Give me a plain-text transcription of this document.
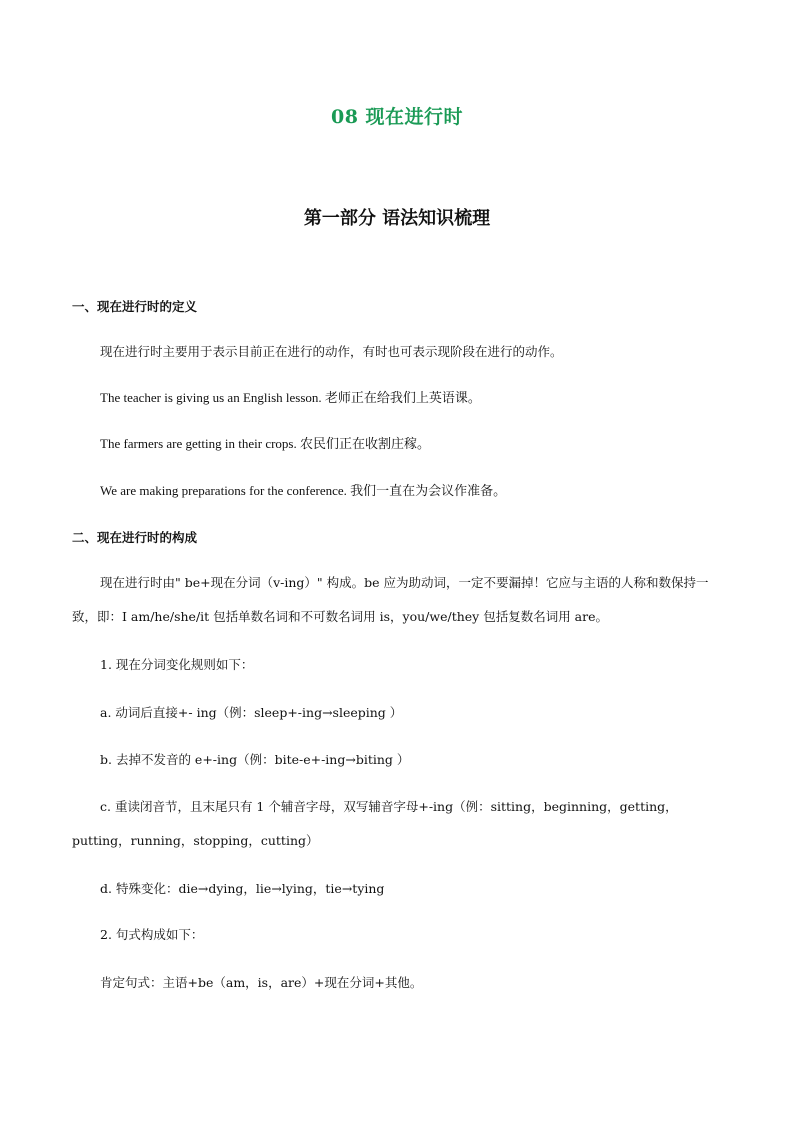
08 现在进行时
第一部分 语法知识梳理
一、现在进行时的定义
现在进行时主要用于表示目前正在进行的动作，有时也可表示现阶段在进行的动作。
The teacher is giving us an English lesson. 老师正在给我们上英语课。
The farmers are getting in their crops. 农民们正在收割庄稼。
We are making preparations for the conference. 我们一直在为会议作准备。
二、现在进行时的构成
现在进行时由" be+现在分词（v-ing）" 构成。be 应为助动词，一定不要漏掉！它应与主语的人称和数保持一致，即：I am/he/she/it 包括单数名词和不可数名词用 is，you/we/they 包括复数名词用 are。
1. 现在分词变化规则如下：
a. 动词后直接+- ing（例：sleep+-ing→sleeping ）
b. 去掉不发音的 e+-ing（例：bite-e+-ing→biting ）
c. 重读闭音节，且末尾只有 1 个辅音字母，双写辅音字母+-ing（例：sitting，beginning，getting，putting，running，stopping，cutting）
d. 特殊变化：die→dying，lie→lying，tie→tying
2. 句式构成如下：
肯定句式：主语+be（am，is，are）+现在分词+其他。
